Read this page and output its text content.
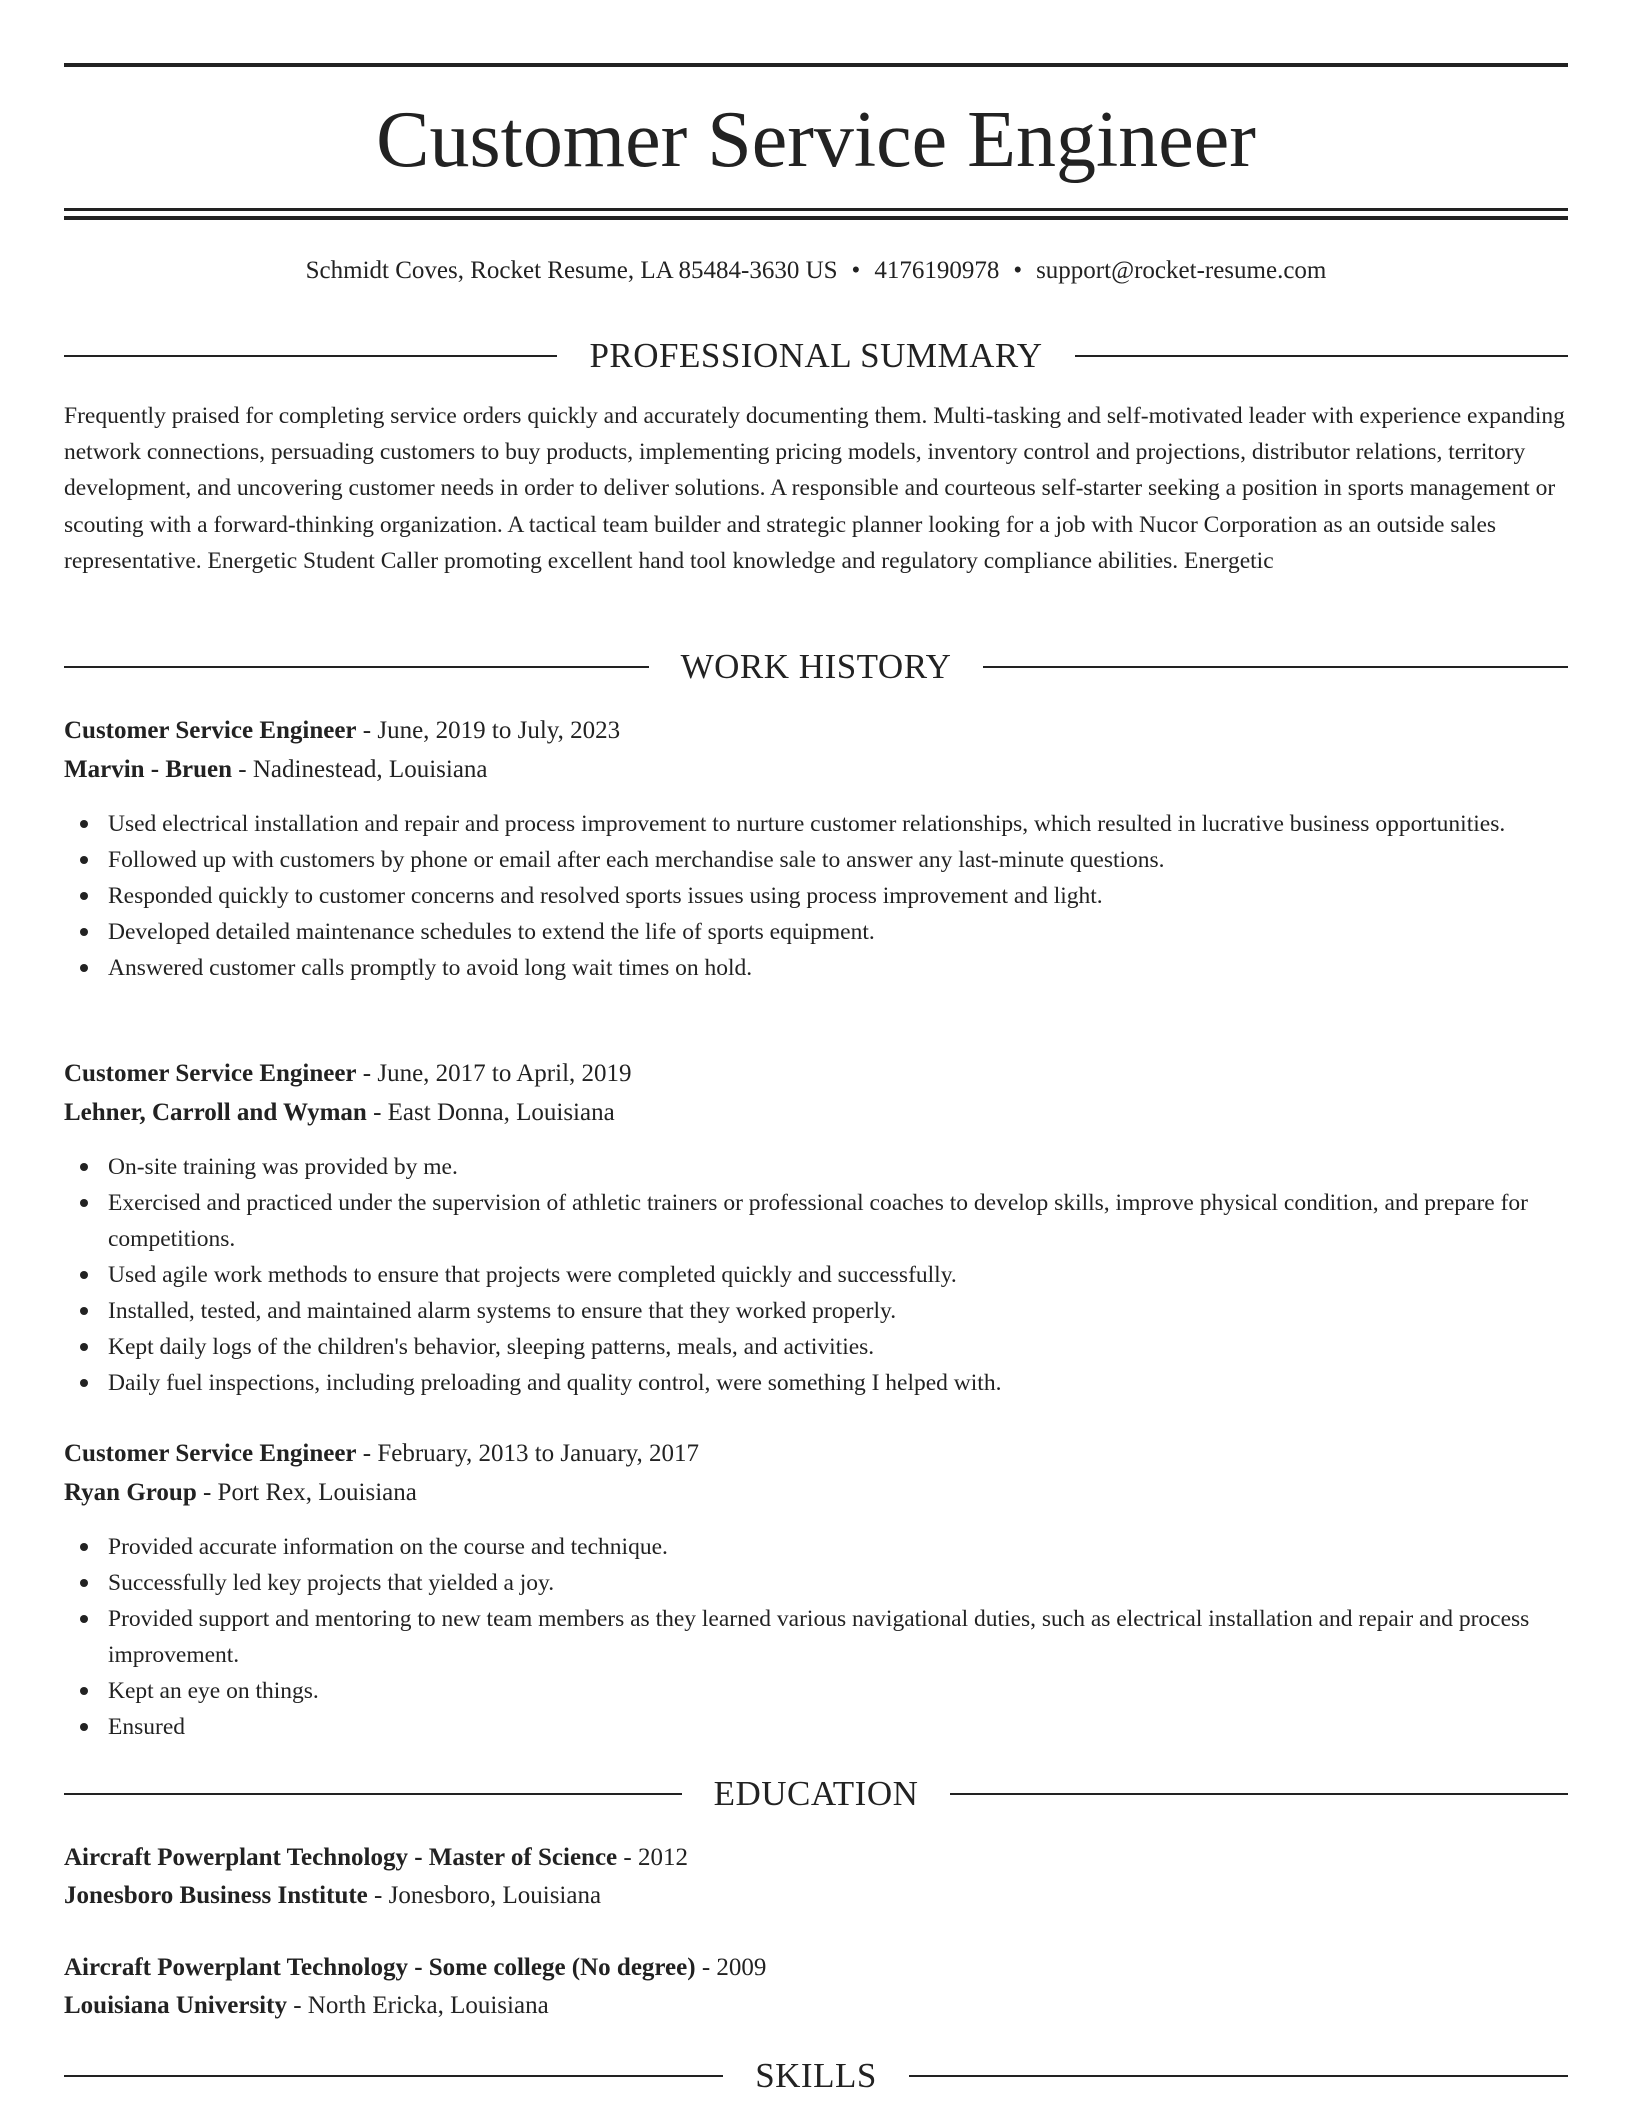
Customer Service Engineer
Schmidt Coves, Rocket Resume, LA 85484-3630 US • 4176190978 • support@rocket-resume.com
PROFESSIONAL SUMMARY

Frequently praised for completing service orders quickly and accurately documenting them. Multi-tasking and self-motivated leader with experience expanding network connections, persuading customers to buy products, implementing pricing models, inventory control and projections, distributor relations, territory development, and uncovering customer needs in order to deliver solutions. A responsible and courteous self-starter seeking a position in sports management or scouting with a forward-thinking organization. A tactical team builder and strategic planner looking for a job with Nucor Corporation as an outside sales representative. Energetic Student Caller promoting excellent hand tool knowledge and regulatory compliance abilities. Energetic

WORK HISTORY
Customer Service Engineer - June, 2019 to July, 2023
Marvin - Bruen - Nadinestead, Louisiana
Used electrical installation and repair and process improvement to nurture customer relationships, which resulted in lucrative business opportunities.
Followed up with customers by phone or email after each merchandise sale to answer any last-minute questions.
Responded quickly to customer concerns and resolved sports issues using process improvement and light.
Developed detailed maintenance schedules to extend the life of sports equipment.
Answered customer calls promptly to avoid long wait times on hold.
Customer Service Engineer - June, 2017 to April, 2019
Lehner, Carroll and Wyman - East Donna, Louisiana
On-site training was provided by me.
Exercised and practiced under the supervision of athletic trainers or professional coaches to develop skills, improve physical condition, and prepare for competitions.
Used agile work methods to ensure that projects were completed quickly and successfully.
Installed, tested, and maintained alarm systems to ensure that they worked properly.
Kept daily logs of the children's behavior, sleeping patterns, meals, and activities.
Daily fuel inspections, including preloading and quality control, were something I helped with.
Customer Service Engineer - February, 2013 to January, 2017
Ryan Group - Port Rex, Louisiana
Provided accurate information on the course and technique.
Successfully led key projects that yielded a joy.
Provided support and mentoring to new team members as they learned various navigational duties, such as electrical installation and repair and process improvement.
Kept an eye on things.
Ensured
EDUCATION
Aircraft Powerplant Technology - Master of Science - 2012
Jonesboro Business Institute - Jonesboro, Louisiana
Aircraft Powerplant Technology - Some college (No degree) - 2009
Louisiana University - North Ericka, Louisiana
SKILLS
